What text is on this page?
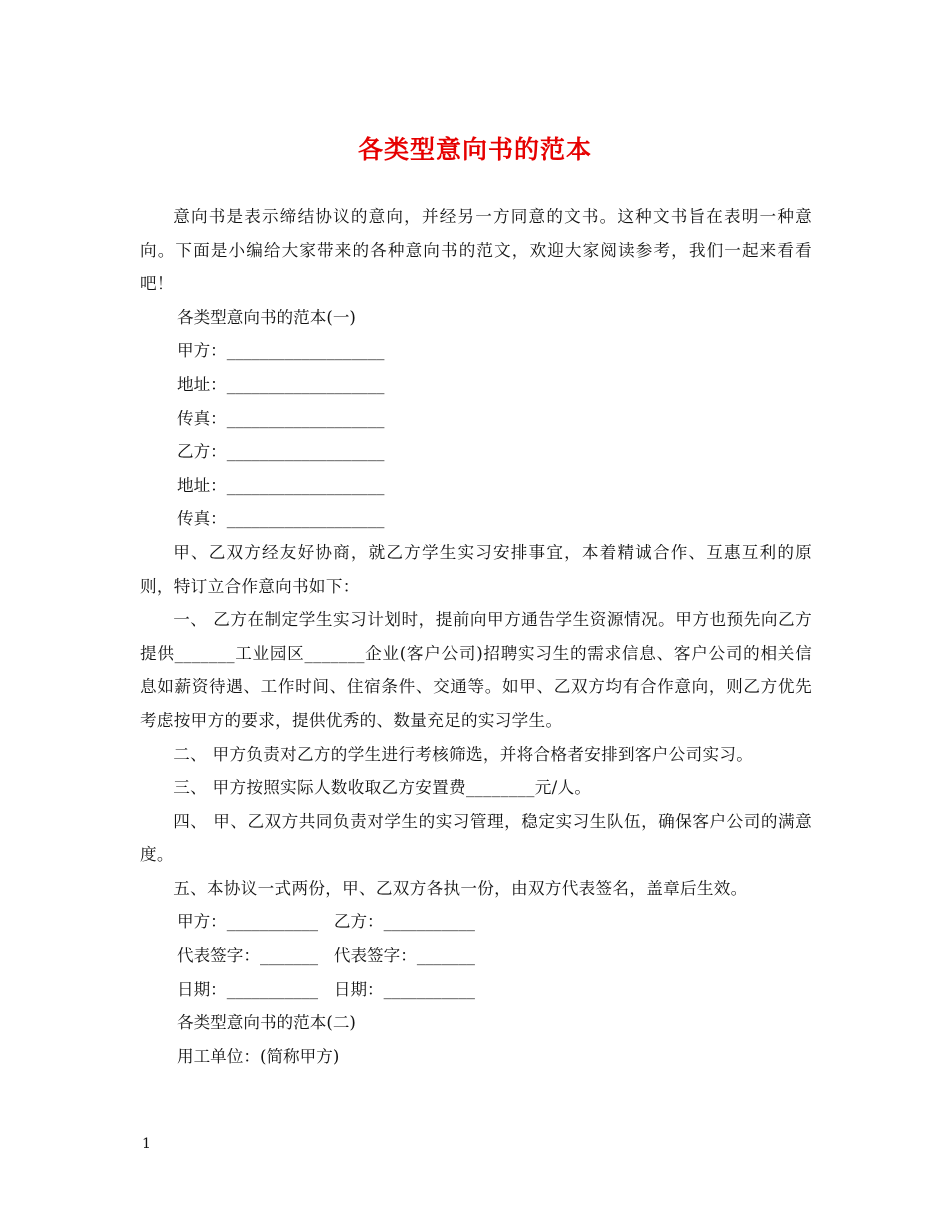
各类型意向书的范本

意向书是表示缔结协议的意向，并经另一方同意的文书。这种文书旨在表明一种意向。下面是小编给大家带来的各种意向书的范文，欢迎大家阅读参考，我们一起来看看吧！

各类型意向书的范本(一)

甲方：___________________

地址：___________________

传真：___________________

乙方：___________________

地址：___________________

传真：___________________

甲、乙双方经友好协商，就乙方学生实习安排事宜，本着精诚合作、互惠互利的原则，特订立合作意向书如下：

一、 乙方在制定学生实习计划时，提前向甲方通告学生资源情况。甲方也预先向乙方提供_______工业园区_______企业(客户公司)招聘实习生的需求信息、客户公司的相关信息如薪资待遇、工作时间、住宿条件、交通等。如甲、乙双方均有合作意向，则乙方优先考虑按甲方的要求，提供优秀的、数量充足的实习学生。

二、 甲方负责对乙方的学生进行考核筛选，并将合格者安排到客户公司实习。

三、 甲方按照实际人数收取乙方安置费________元/人。

四、 甲、乙双方共同负责对学生的实习管理，稳定实习生队伍，确保客户公司的满意度。

五、本协议一式两份，甲、乙双方各执一份，由双方代表签名，盖章后生效。

甲方：___________   乙方：___________

代表签字：_______   代表签字：_______

日期：___________   日期：___________

各类型意向书的范本(二)

用工单位：(简称甲方)

1
